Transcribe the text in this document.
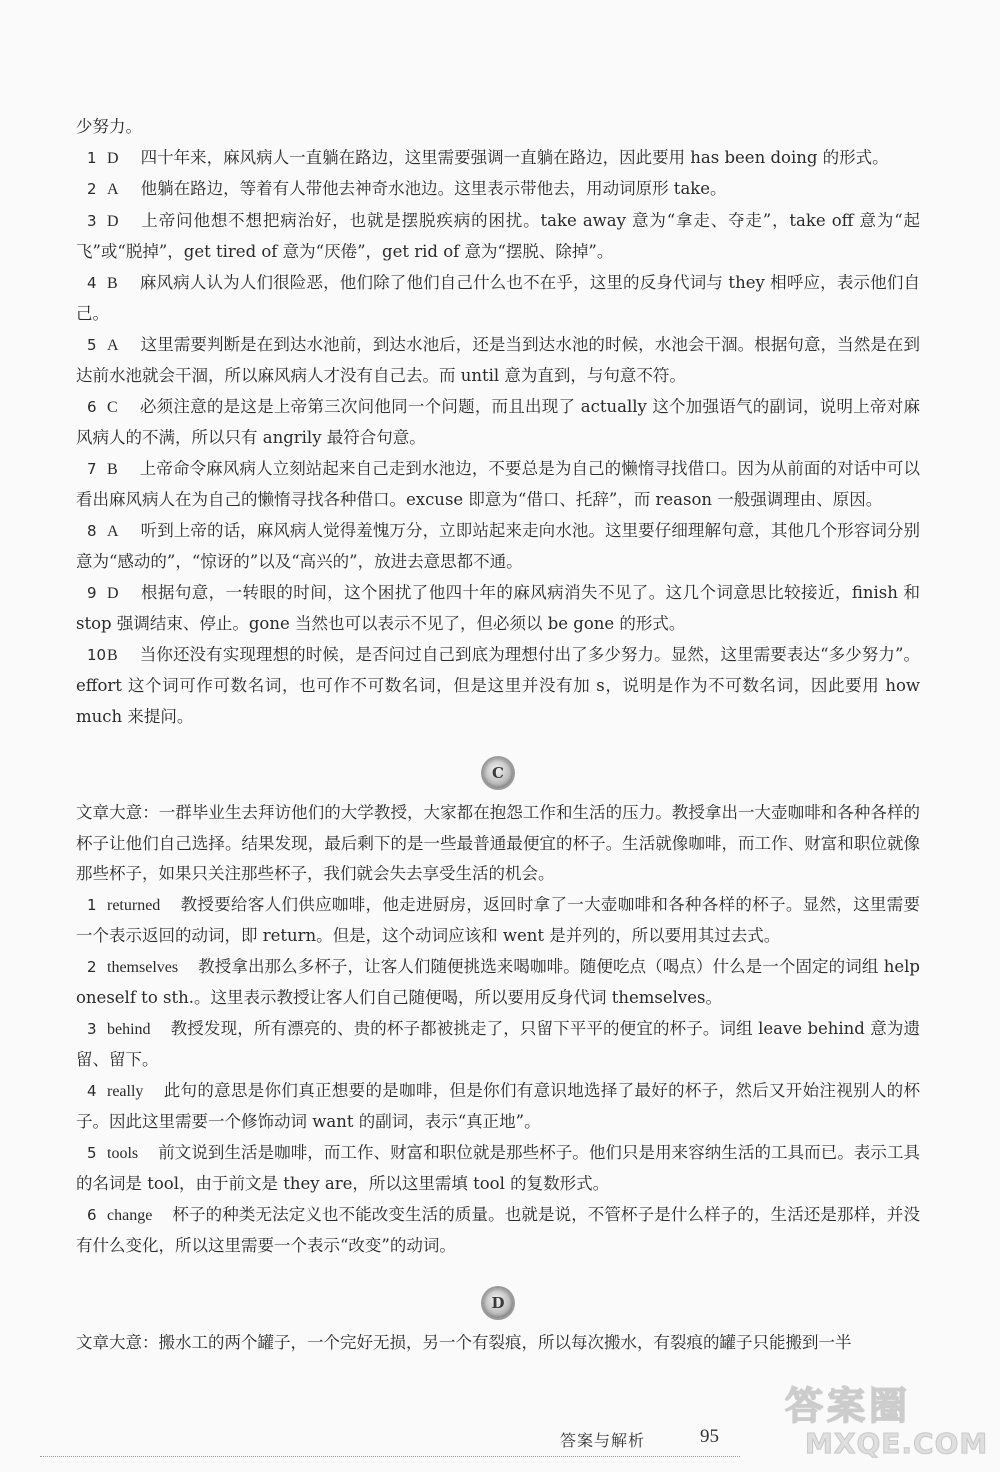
少努力。

1 D 四十年来，麻风病人一直躺在路边，这里需要强调一直躺在路边，因此要用 has been doing 的形式。

2 A 他躺在路边，等着有人带他去神奇水池边。这里表示带他去，用动词原形 take。

3 D 上帝问他想不想把病治好，也就是摆脱疾病的困扰。take away 意为“拿走、夺走”，take off 意为“起飞”或“脱掉”，get tired of 意为“厌倦”，get rid of 意为“摆脱、除掉”。

4 B 麻风病人认为人们很险恶，他们除了他们自己什么也不在乎，这里的反身代词与 they 相呼应，表示他们自己。

5 A 这里需要判断是在到达水池前，到达水池后，还是当到达水池的时候，水池会干涸。根据句意，当然是在到达前水池就会干涸，所以麻风病人才没有自己去。而 until 意为直到，与句意不符。

6 C 必须注意的是这是上帝第三次问他同一个问题，而且出现了 actually 这个加强语气的副词，说明上帝对麻风病人的不满，所以只有 angrily 最符合句意。

7 B 上帝命令麻风病人立刻站起来自己走到水池边，不要总是为自己的懒惰寻找借口。因为从前面的对话中可以看出麻风病人在为自己的懒惰寻找各种借口。excuse 即意为“借口、托辞”，而 reason 一般强调理由、原因。

8 A 听到上帝的话，麻风病人觉得羞愧万分，立即站起来走向水池。这里要仔细理解句意，其他几个形容词分别意为“感动的”，“惊讶的”以及“高兴的”，放进去意思都不通。

9 D 根据句意，一转眼的时间，这个困扰了他四十年的麻风病消失不见了。这几个词意思比较接近，finish 和 stop 强调结束、停止。gone 当然也可以表示不见了，但必须以 be gone 的形式。

10B 当你还没有实现理想的时候，是否问过自己到底为理想付出了多少努力。显然，这里需要表达“多少努力”。effort 这个词可作可数名词，也可作不可数名词，但是这里并没有加 s，说明是作为不可数名词，因此要用 how much 来提问。

C

文章大意：一群毕业生去拜访他们的大学教授，大家都在抱怨工作和生活的压力。教授拿出一大壶咖啡和各种各样的杯子让他们自己选择。结果发现，最后剩下的是一些最普通最便宜的杯子。生活就像咖啡，而工作、财富和职位就像那些杯子，如果只关注那些杯子，我们就会失去享受生活的机会。

1 returned 教授要给客人们供应咖啡，他走进厨房，返回时拿了一大壶咖啡和各种各样的杯子。显然，这里需要一个表示返回的动词，即 return。但是，这个动词应该和 went 是并列的，所以要用其过去式。

2 themselves 教授拿出那么多杯子，让客人们随便挑选来喝咖啡。随便吃点（喝点）什么是一个固定的词组 help oneself to sth.。这里表示教授让客人们自己随便喝，所以要用反身代词 themselves。

3 behind 教授发现，所有漂亮的、贵的杯子都被挑走了，只留下平平的便宜的杯子。词组 leave behind 意为遗留、留下。

4 really 此句的意思是你们真正想要的是咖啡，但是你们有意识地选择了最好的杯子，然后又开始注视别人的杯子。因此这里需要一个修饰动词 want 的副词，表示“真正地”。

5 tools 前文说到生活是咖啡，而工作、财富和职位就是那些杯子。他们只是用来容纳生活的工具而已。表示工具的名词是 tool，由于前文是 they are，所以这里需填 tool 的复数形式。

6 change 杯子的种类无法定义也不能改变生活的质量。也就是说，不管杯子是什么样子的，生活还是那样，并没有什么变化，所以这里需要一个表示“改变”的动词。

D

文章大意：搬水工的两个罐子，一个完好无损，另一个有裂痕，所以每次搬水，有裂痕的罐子只能搬到一半

答案与解析	95
答案圈
MXQE.COM
